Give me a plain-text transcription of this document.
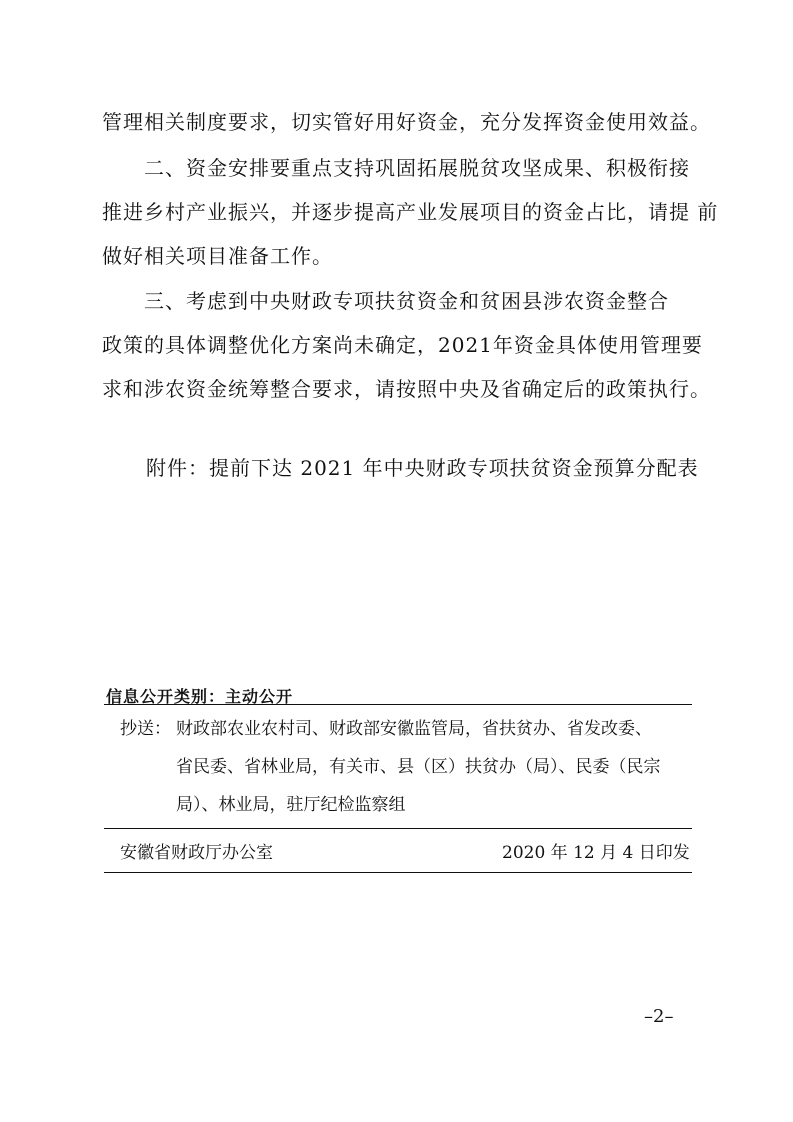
管理相关制度要求，切实管好用好资金，充分发挥资金使用效益。
　　二、资金安排要重点支持巩固拓展脱贫攻坚成果、积极衔接
推进乡村产业振兴，并逐步提高产业发展项目的资金占比，请提 前
做好相关项目准备工作。
　　三、考虑到中央财政专项扶贫资金和贫困县涉农资金整合
政策的具体调整优化方案尚未确定，2021年资金具体使用管理要
求和涉农资金统筹整合要求，请按照中央及省确定后的政策执行。
附件：提前下达 2021 年中央财政专项扶贫资金预算分配表
信息公开类别：主动公开
抄送： 财政部农业农村司、财政部安徽监管局，省扶贫办、省发改委、
省民委、省林业局，有关市、县（区）扶贫办（局）、民委（民宗
局）、林业局，驻厅纪检监察组
安徽省财政厅办公室	2020 年 12 月 4 日印发
–2–
